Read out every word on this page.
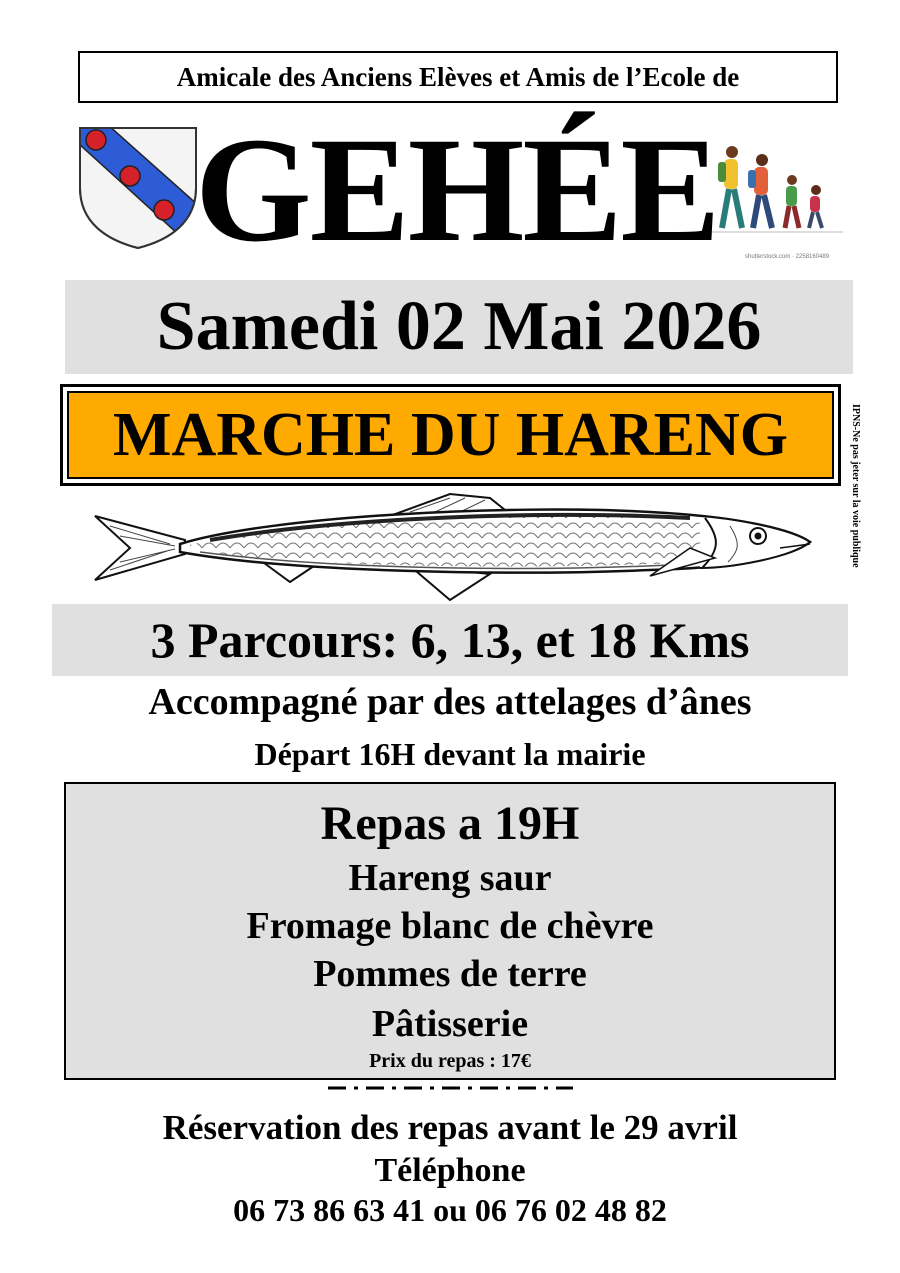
Amicale des Anciens Elèves et Amis de l’Ecole de
GEHÉE	shutterstock.com · 2258160489
Samedi 02 Mai 2026
MARCHE DU HARENG	IPNS-Ne pas jeter sur la voie publique
3 Parcours: 6, 13, et 18 Kms
Accompagné par des attelages d’ânes
Départ 16H devant la mairie
Repas a 19H
Hareng saur
Fromage blanc de chèvre
Pommes de terre
Pâtisserie
Prix du repas : 17€
Réservation des repas avant le 29 avril
Téléphone
06 73 86 63 41 ou 06 76 02 48 82
